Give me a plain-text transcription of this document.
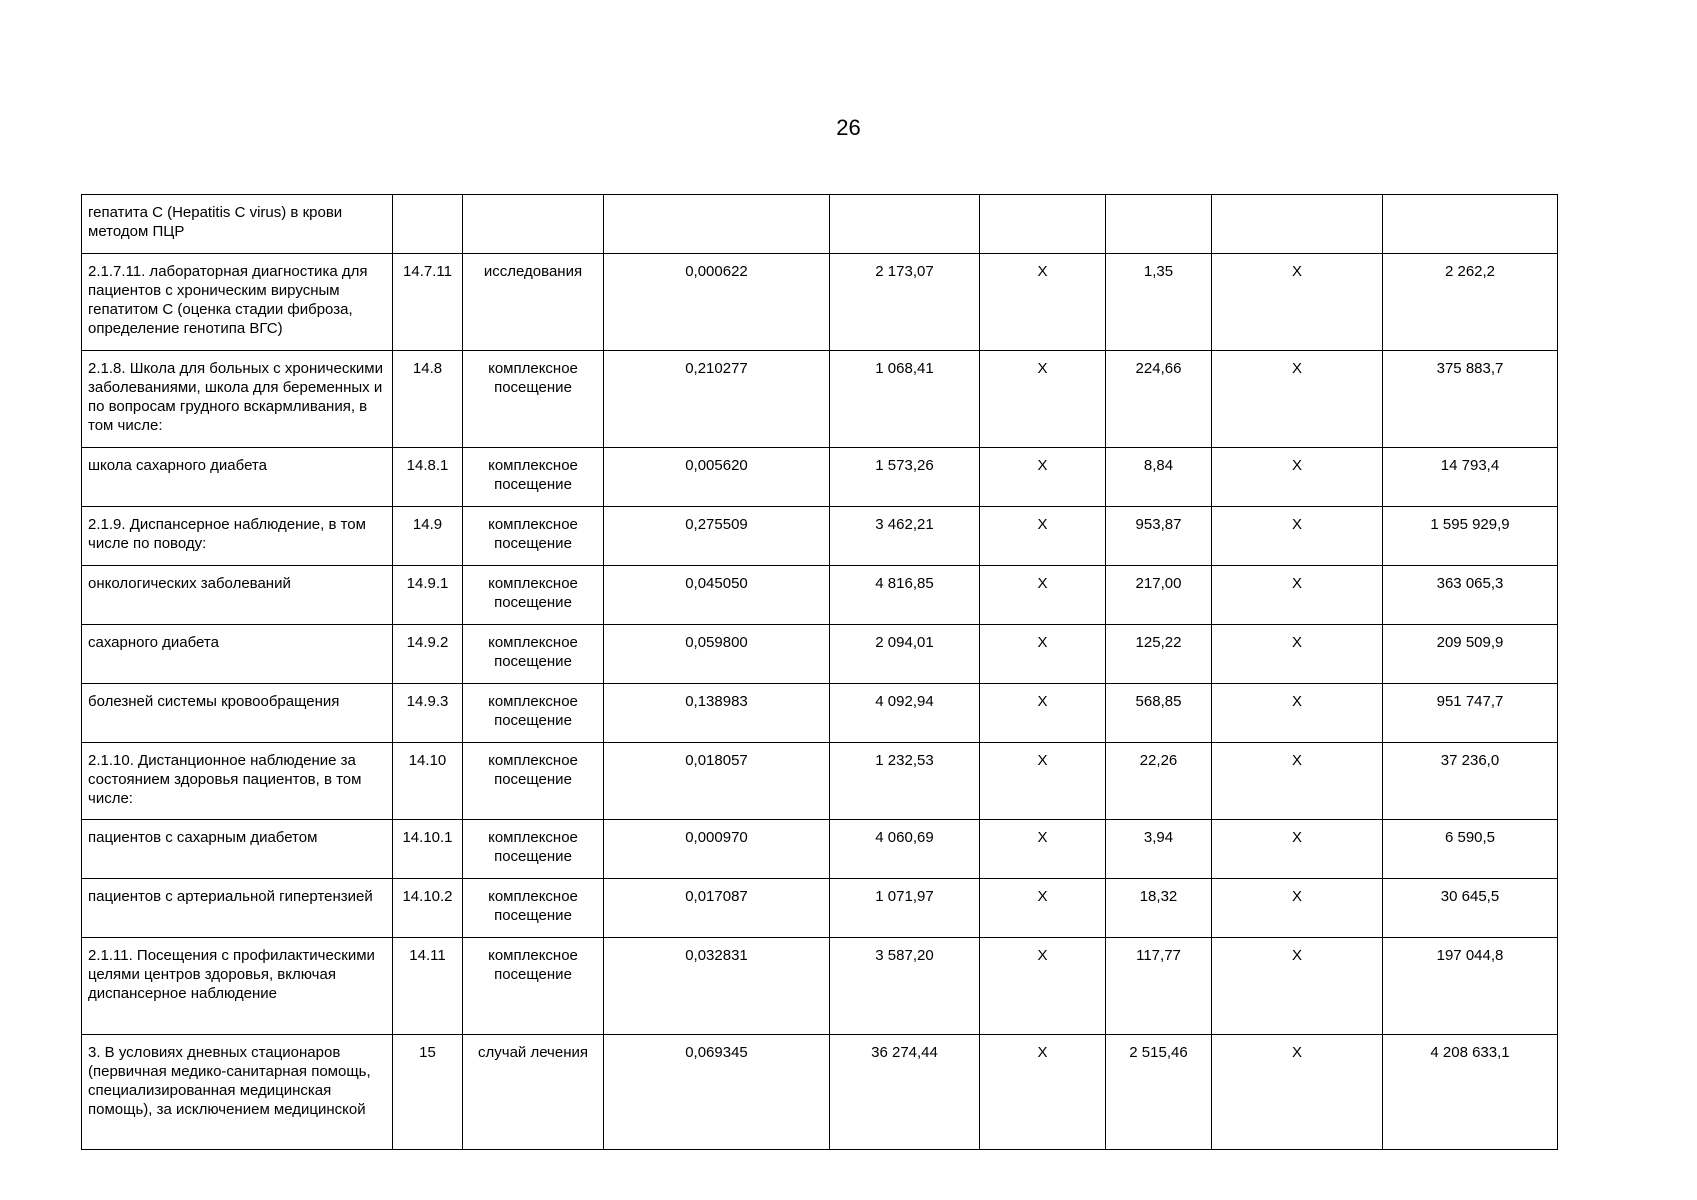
26
гепатита С (Hepatitis C virus) в крови методом ПЦР								
2.1.7.11. лабораторная диагностика для пациентов с хроническим вирусным гепатитом С (оценка стадии фиброза, определение генотипа ВГС)	14.7.11	исследования	0,000622	2 173,07	Х	1,35	Х	2 262,2
2.1.8. Школа для больных с хроническими заболеваниями, школа для беременных и по вопросам грудного вскармливания, в том числе:	14.8	комплексное посещение	0,210277	1 068,41	Х	224,66	Х	375 883,7
школа сахарного диабета	14.8.1	комплексное посещение	0,005620	1 573,26	Х	8,84	Х	14 793,4
2.1.9. Диспансерное наблюдение, в том числе по поводу:	14.9	комплексное посещение	0,275509	3 462,21	Х	953,87	Х	1 595 929,9
онкологических заболеваний	14.9.1	комплексное посещение	0,045050	4 816,85	Х	217,00	Х	363 065,3
сахарного диабета	14.9.2	комплексное посещение	0,059800	2 094,01	Х	125,22	Х	209 509,9
болезней системы кровообращения	14.9.3	комплексное посещение	0,138983	4 092,94	Х	568,85	Х	951 747,7
2.1.10. Дистанционное наблюдение за состоянием здоровья пациентов, в том числе:	14.10	комплексное посещение	0,018057	1 232,53	Х	22,26	Х	37 236,0
пациентов с сахарным диабетом	14.10.1	комплексное посещение	0,000970	4 060,69	Х	3,94	Х	6 590,5
пациентов с артериальной гипертензией	14.10.2	комплексное посещение	0,017087	1 071,97	Х	18,32	Х	30 645,5
2.1.11. Посещения с профилактическими целями центров здоровья, включая диспансерное наблюдение	14.11	комплексное посещение	0,032831	3 587,20	Х	117,77	Х	197 044,8
3. В условиях дневных стационаров (первичная медико-санитарная помощь, специализированная медицинская помощь), за исключением медицинской	15	случай лечения	0,069345	36 274,44	Х	2 515,46	Х	4 208 633,1
